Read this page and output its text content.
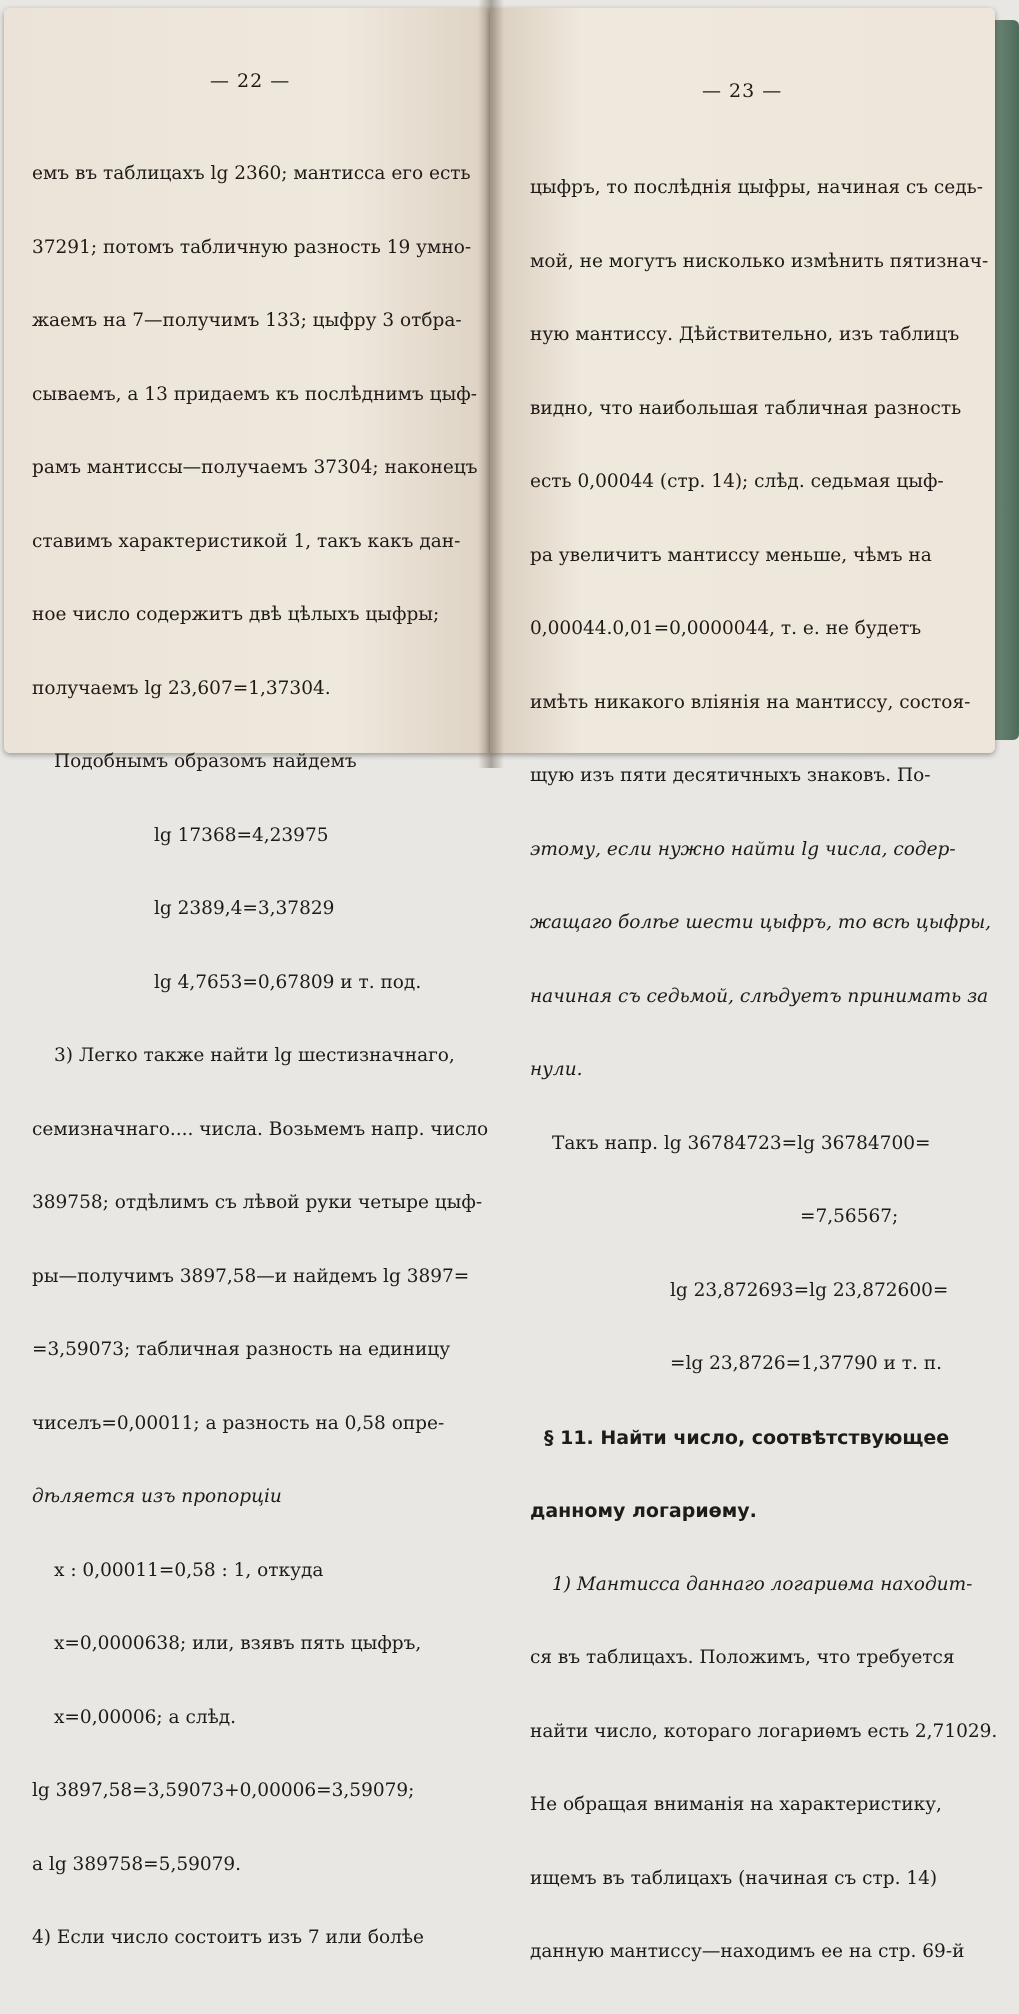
— 22 —

емъ въ таблицахъ lg 2360; мантисса его есть

37291; потомъ табличную разность 19 умно-

жаемъ на 7—получимъ 133; цыфру 3 отбра-

сываемъ, а 13 придаемъ къ послѣднимъ цыф-

рамъ мантиссы—получаемъ 37304; наконецъ

ставимъ характеристикой 1, такъ какъ дан-

ное число содержитъ двѣ цѣлыхъ цыфры;

получаемъ lg 23,607=1,37304.

Подобнымъ образомъ найдемъ

lg 17368=4,23975

lg 2389,4=3,37829

lg 4,7653=0,67809 и т. под.

3) Легко также найти lg шестизначнаго,

семизначнаго.... числа. Возьмемъ напр. число

389758; отдѣлимъ съ лѣвой руки четыре цыф-

ры—получимъ 3897,58—и найдемъ lg 3897=

=3,59073; табличная разность на единицу

чиселъ=0,00011; а разность на 0,58 опре-

дѣляется изъ пропорціи

x : 0,00011=0,58 : 1, откуда

x=0,0000638; или, взявъ пять цыфръ,

x=0,00006; а слѣд.

lg 3897,58=3,59073+0,00006=3,59079;

а lg 389758=5,59079.

4) Если число состоитъ изъ 7 или болѣе

— 23 —

цыфръ, то послѣднія цыфры, начиная съ седь-

мой, не могутъ нисколько измѣнить пятизнач-

ную мантиссу. Дѣйствительно, изъ таблицъ

видно, что наибольшая табличная разность

есть 0,00044 (стр. 14); слѣд. седьмая цыф-

ра увеличитъ мантиссу меньше, чѣмъ на

0,00044.0,01=0,0000044, т. е. не будетъ

имѣть никакого вліянія на мантиссу, состоя-

щую изъ пяти десятичныхъ знаковъ. По-

этому, если нужно найти lg числа, содер-

жащаго болѣе шести цыфръ, то всѣ цыфры,

начиная съ седьмой, слѣдуетъ принимать за

нули.

Такъ напр. lg 36784723=lg 36784700=

=7,56567;

lg 23,872693=lg 23,872600=

=lg 23,8726=1,37790 и т. п.

§ 11. Найти число, соотвѣтствующее

данному логариѳму.

1) Мантисса даннаго логариѳма находит-

ся въ таблицахъ. Положимъ, что требуется

найти число, котораго логариѳмъ есть 2,71029.

Не обращая вниманія на характеристику,

ищемъ въ таблицахъ (начиная съ стр. 14)

данную мантиссу—находимъ ее на стр. 69-й
